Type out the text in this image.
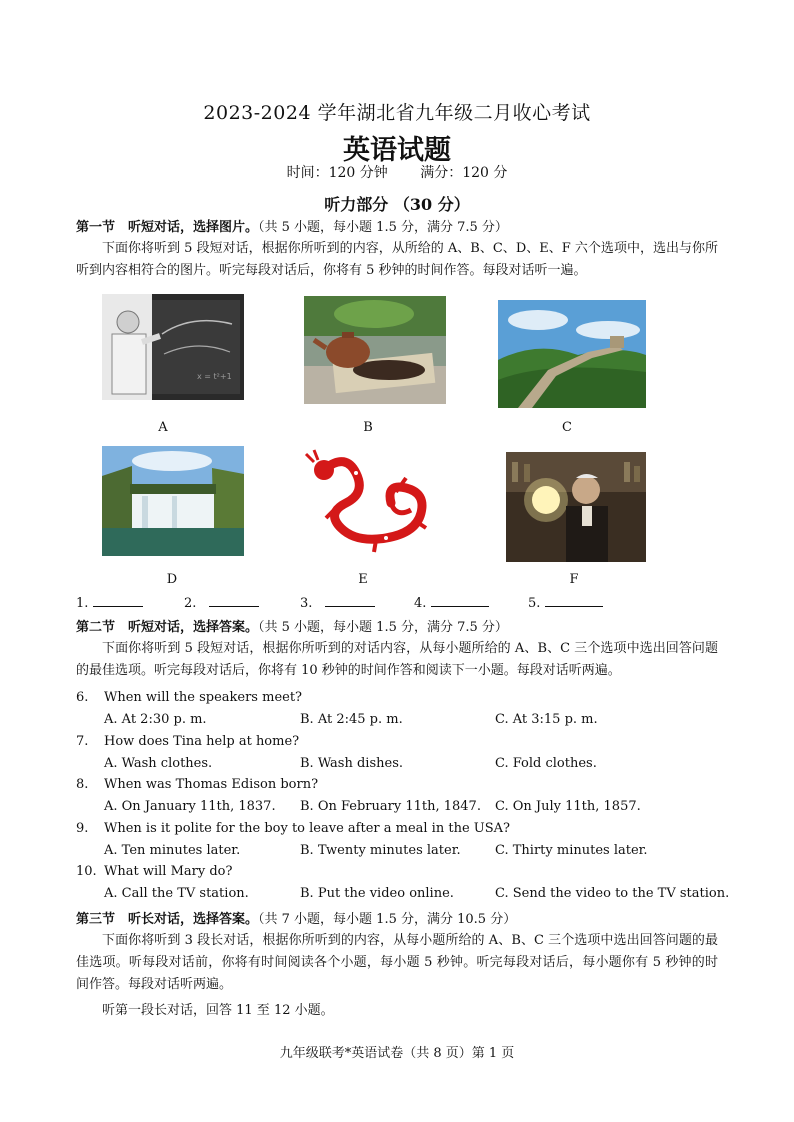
2023-2024 学年湖北省九年级二月收心考试
英语试题
时间：120 分钟 满分：120 分
听力部分 （30 分）
第一节　听短对话，选择图片。（共 5 小题，每小题 1.5 分，满分 7.5 分）
下面你将听到 5 段短对话，根据你所听到的内容，从所给的 A、B、C、D、E、F 六个选项中，选出与你所听到内容相符合的图片。听完每段对话后，你将有 5 秒钟的时间作答。每段对话听一遍。
x = t²+1
A	B	C
D	E	F
1.	2.	3.	4.	5.
第二节　听短对话，选择答案。（共 5 小题，每小题 1.5 分，满分 7.5 分）
下面你将听到 5 段短对话，根据你所听到的对话内容，从每小题所给的 A、B、C 三个选项中选出回答问题的最佳选项。听完每段对话后，你将有 10 秒钟的时间作答和阅读下一小题。每段对话听两遍。
6. When will the speakers meet?
A. At 2:30 p. m.	B. At 2:45 p. m.	C. At 3:15 p. m.
7. How does Tina help at home?
A. Wash clothes.	B. Wash dishes.	C. Fold clothes.
8. When was Thomas Edison born?
A. On January 11th, 1837. B. On February 11th, 1847. C. On July 11th, 1857.
9. When is it polite for the boy to leave after a meal in the USA?
A. Ten minutes later.	B. Twenty minutes later.	C. Thirty minutes later.
10. What will Mary do?
A. Call the TV station.	B. Put the video online.	C. Send the video to the TV station.
第三节　听长对话，选择答案。（共 7 小题，每小题 1.5 分，满分 10.5 分）
下面你将听到 3 段长对话，根据你所听到的内容，从每小题所给的 A、B、C 三个选项中选出回答问题的最佳选项。听每段对话前，你将有时间阅读各个小题，每小题 5 秒钟。听完每段对话后，每小题你有 5 秒钟的时间作答。每段对话听两遍。
听第一段长对话，回答 11 至 12 小题。
九年级联考*英语试卷（共 8 页）第 1 页
